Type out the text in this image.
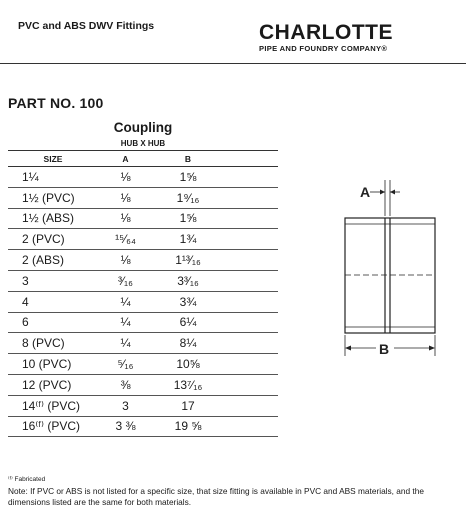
PVC and ABS DWV Fittings	CHARLOTTE
PIPE AND FOUNDRY COMPANY®
PART NO. 100
Coupling
HUB X HUB
SIZE	A	B	
1¼	⅛	1⅝	
1½ (PVC)	⅛	1⁹⁄₁₆	
1½ (ABS)	⅛	1⅝	
2 (PVC)	¹⁵⁄₆₄	1¾	
2 (ABS)	⅛	1¹³⁄₁₆	
3	³⁄₁₆	3³⁄₁₆	
4	¼	3¾	
6	¼	6¼	
8 (PVC)	¼	8¼	
10 (PVC)	⁵⁄₁₆	10⅝	
12 (PVC)	⅜	13⁷⁄₁₆	
14⁽ᶠ⁾ (PVC)	3	17	
16⁽ᶠ⁾ (PVC)	3 ⅜	19 ⅝	
A
B
⁽ᶠ⁾ Fabricated
Note: If PVC or ABS is not listed for a specific size, that size fitting is available in PVC and ABS materials, and the dimensions listed are the same for both materials.
